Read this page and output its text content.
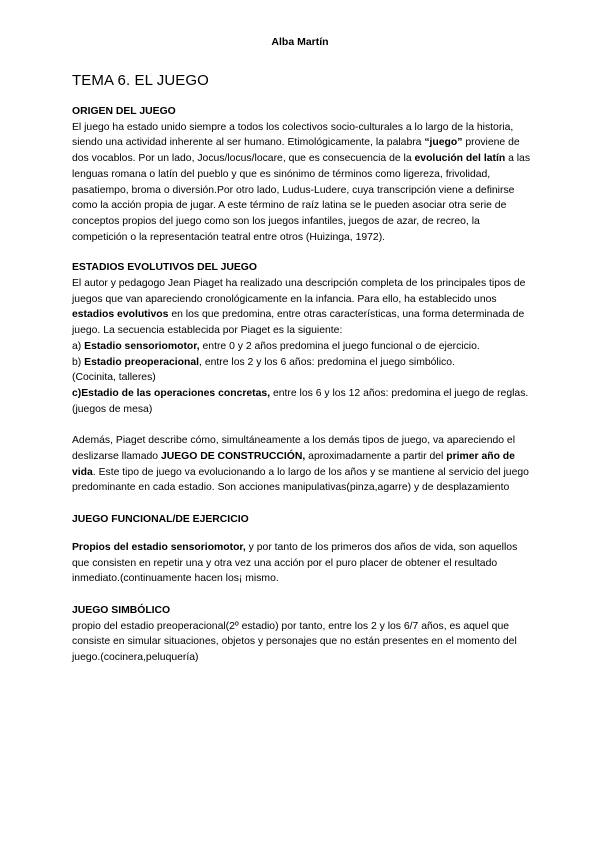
Alba Martín
TEMA 6. EL JUEGO

ORIGEN DEL JUEGO

El juego ha estado unido siempre a todos los colectivos socio-culturales a lo largo de la historia, siendo una actividad inherente al ser humano. Etimológicamente, la palabra “juego” proviene de dos vocablos. Por un lado, Jocus/locus/locare, que es consecuencia de la evolución del latín a las lenguas romana o latín del pueblo y que es sinónimo de términos como ligereza, frivolidad, pasatiempo, broma o diversión.Por otro lado, Ludus-Ludere, cuya transcripción viene a definirse como la acción propia de jugar. A este término de raíz latina se le pueden asociar otra serie de conceptos propios del juego como son los juegos infantiles, juegos de azar, de recreo, la competición o la representación teatral entre otros (Huizinga, 1972).

ESTADIOS EVOLUTIVOS DEL JUEGO

El autor y pedagogo Jean Piaget ha realizado una descripción completa de los principales tipos de juegos que van apareciendo cronológicamente en la infancia. Para ello, ha establecido unos estadios evolutivos en los que predomina, entre otras características, una forma determinada de juego. La secuencia establecida por Piaget es la siguiente:

a) Estadio sensoriomotor, entre 0 y 2 años predomina el juego funcional o de ejercicio.

b) Estadio preoperacional, entre los 2 y los 6 años: predomina el juego simbólico.

(Cocinita, talleres)

c)Estadio de las operaciones concretas, entre los 6 y los 12 años: predomina el juego de reglas.(juegos de mesa)

Además, Piaget describe cómo, simultáneamente a los demás tipos de juego, va apareciendo el deslizarse llamado JUEGO DE CONSTRUCCIÓN, aproximadamente a partir del primer año de vida. Este tipo de juego va evolucionando a lo largo de los años y se mantiene al servicio del juego predominante en cada estadio. Son acciones manipulativas(pinza,agarre) y de desplazamiento

JUEGO FUNCIONAL/DE EJERCICIO

Propios del estadio sensoriomotor, y por tanto de los primeros dos años de vida, son aquellos que consisten en repetir una y otra vez una acción por el puro placer de obtener el resultado inmediato.(continuamente hacen los¡ mismo.

JUEGO SIMBÓLICO

propio del estadio preoperacional(2º estadio) por tanto, entre los 2 y los 6/7 años, es aquel que consiste en simular situaciones, objetos y personajes que no están presentes en el momento del juego.(cocinera,peluquería)
